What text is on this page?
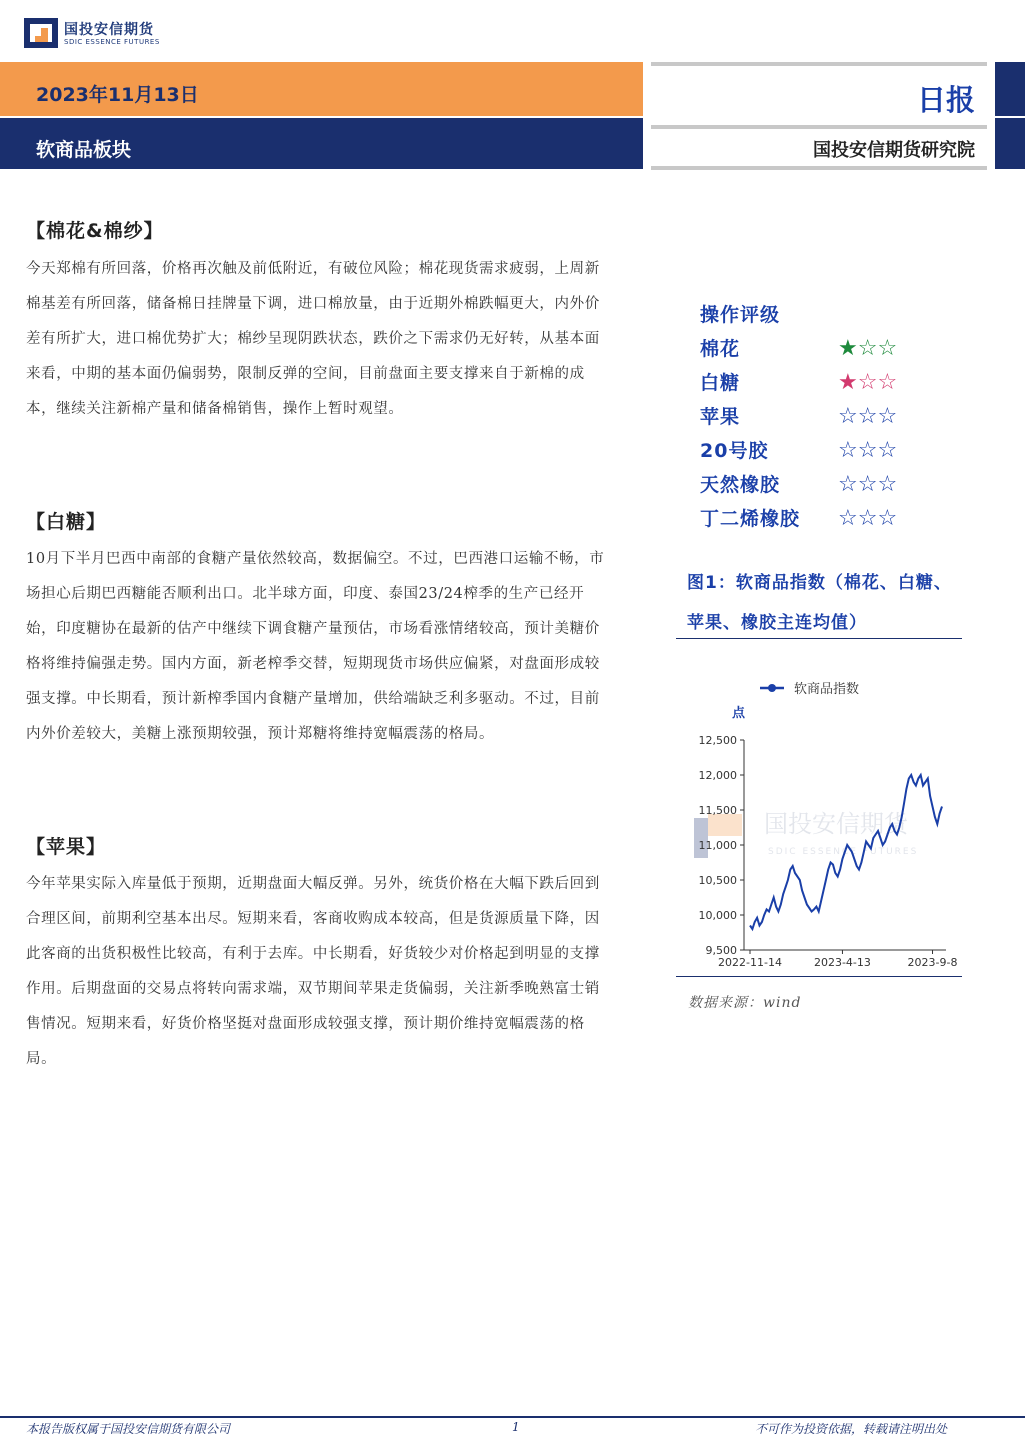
国投安信期货
SDIC ESSENCE FUTURES
2023年11月13日
软商品板块
日报
国投安信期货研究院
【棉花&棉纱】

今天郑棉有所回落，价格再次触及前低附近，有破位风险；棉花现货需求疲弱，上周新棉基差有所回落，储备棉日挂牌量下调，进口棉放量，由于近期外棉跌幅更大，内外价差有所扩大，进口棉优势扩大；棉纱呈现阴跌状态，跌价之下需求仍无好转，从基本面来看，中期的基本面仍偏弱势，限制反弹的空间，目前盘面主要支撑来自于新棉的成本，继续关注新棉产量和储备棉销售，操作上暂时观望。

【白糖】

10月下半月巴西中南部的食糖产量依然较高，数据偏空。不过，巴西港口运输不畅，市场担心后期巴西糖能否顺利出口。北半球方面，印度、泰国23/24榨季的生产已经开始，印度糖协在最新的估产中继续下调食糖产量预估，市场看涨情绪较高，预计美糖价格将维持偏强走势。国内方面，新老榨季交替，短期现货市场供应偏紧，对盘面形成较强支撑。中长期看，预计新榨季国内食糖产量增加，供给端缺乏利多驱动。不过，目前内外价差较大，美糖上涨预期较强，预计郑糖将维持宽幅震荡的格局。

【苹果】

今年苹果实际入库量低于预期，近期盘面大幅反弹。另外，统货价格在大幅下跌后回到合理区间，前期利空基本出尽。短期来看，客商收购成本较高，但是货源质量下降，因此客商的出货积极性比较高，有利于去库。中长期看，好货较少对价格起到明显的支撑作用。后期盘面的交易点将转向需求端，双节期间苹果走货偏弱，关注新季晚熟富士销售情况。短期来看，好货价格坚挺对盘面形成较强支撑，预计期价维持宽幅震荡的格局。

操作评级
棉花	★☆☆
白糖	★☆☆
苹果	☆☆☆
20号胶	☆☆☆
天然橡胶	☆☆☆
丁二烯橡胶 ☆☆☆
图1：软商品指数（棉花、白糖、苹果、橡胶主连均值）
国投安信期货
SDIC ESSENCE FUTURES
软商品指数
点
9,500
10,000
10,500
11,000
11,500
12,000
12,500
2022-11-14	2023-4-13	2023-9-8
数据来源：wind
本报告版权属于国投安信期货有限公司	1	不可作为投资依据，转载请注明出处
